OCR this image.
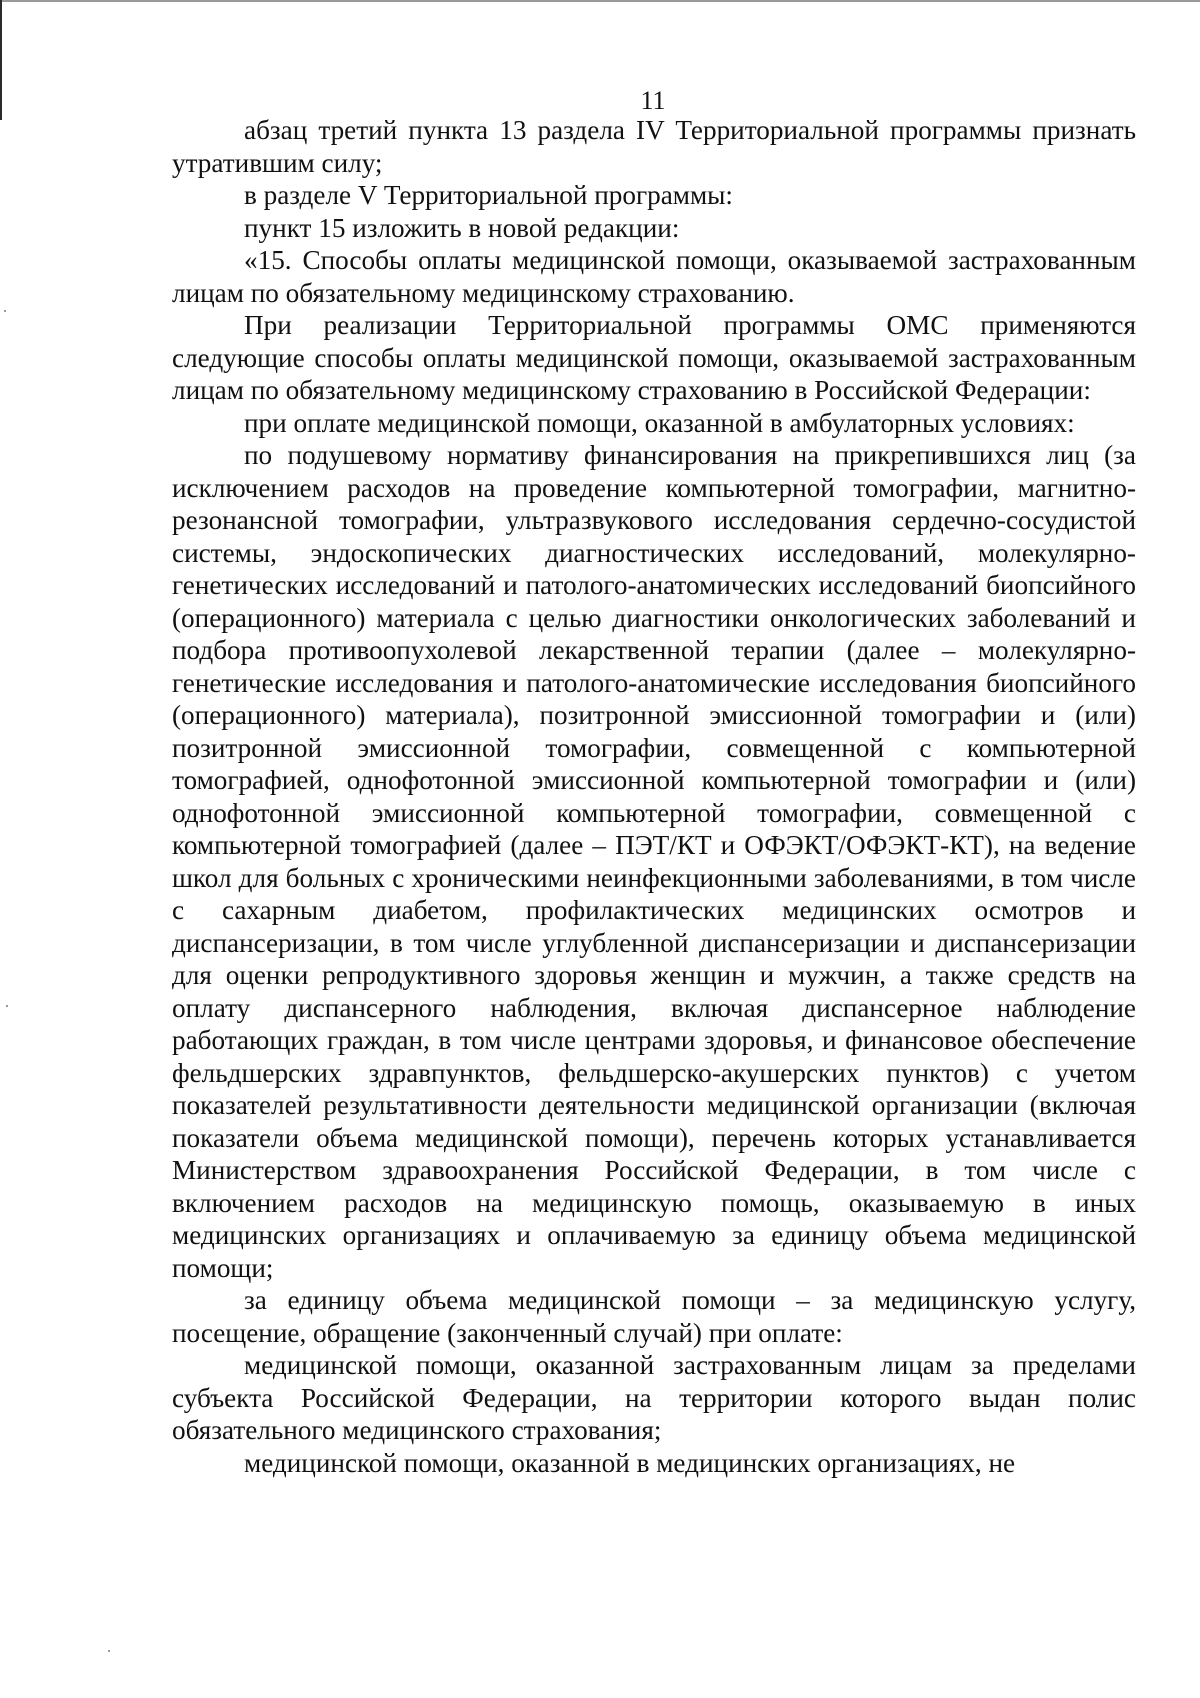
11

абзац третий пункта 13 раздела IV Территориальной программы признать утратившим силу;

в разделе V Территориальной программы:

пункт 15 изложить в новой редакции:

«15. Способы оплаты медицинской помощи, оказываемой застрахованным лицам по обязательному медицинскому страхованию.

При реализации Территориальной программы ОМС применяются следующие способы оплаты медицинской помощи, оказываемой застрахованным лицам по обязательному медицинскому страхованию в Российской Федерации:

при оплате медицинской помощи, оказанной в амбулаторных условиях:

по подушевому нормативу финансирования на прикрепившихся лиц (за исключением расходов на проведение компьютерной томографии, магнитно-резонансной томографии, ультразвукового исследования сердечно-сосудистой системы, эндоскопических диагностических исследований, молекулярно-генетических исследований и патолого-анатомических исследований биопсийного (операционного) материала с целью диагностики онкологических заболеваний и подбора противоопухолевой лекарственной терапии (далее – молекулярно-генетические исследования и патолого-анатомические исследования биопсийного (операционного) материала), позитронной эмиссионной томографии и (или) позитронной эмиссионной томографии, совмещенной с компьютерной томографией, однофотонной эмиссионной компьютерной томографии и (или) однофотонной эмиссионной компьютерной томографии, совмещенной с компьютерной томографией (далее – ПЭТ/КТ и ОФЭКТ/ОФЭКТ-КТ), на ведение школ для больных с хроническими неинфекционными заболеваниями, в том числе с сахарным диабетом, профилактических медицинских осмотров и диспансеризации, в том числе углубленной диспансеризации и диспансеризации для оценки репродуктивного здоровья женщин и мужчин, а также средств на оплату диспансерного наблюдения, включая диспансерное наблюдение работающих граждан, в том числе центрами здоровья, и финансовое обеспечение фельдшерских здравпунктов, фельдшерско-акушерских пунктов) с учетом показателей результативности деятельности медицинской организации (включая показатели объема медицинской помощи), перечень которых устанавливается Министерством здравоохранения Российской Федерации, в том числе с включением расходов на медицинскую помощь, оказываемую в иных медицинских организациях и оплачиваемую за единицу объема медицинской помощи;

за единицу объема медицинской помощи – за медицинскую услугу, посещение, обращение (законченный случай) при оплате:

медицинской помощи, оказанной застрахованным лицам за пределами субъекта Российской Федерации, на территории которого выдан полис обязательного медицинского страхования;

медицинской помощи, оказанной в медицинских организациях, не
